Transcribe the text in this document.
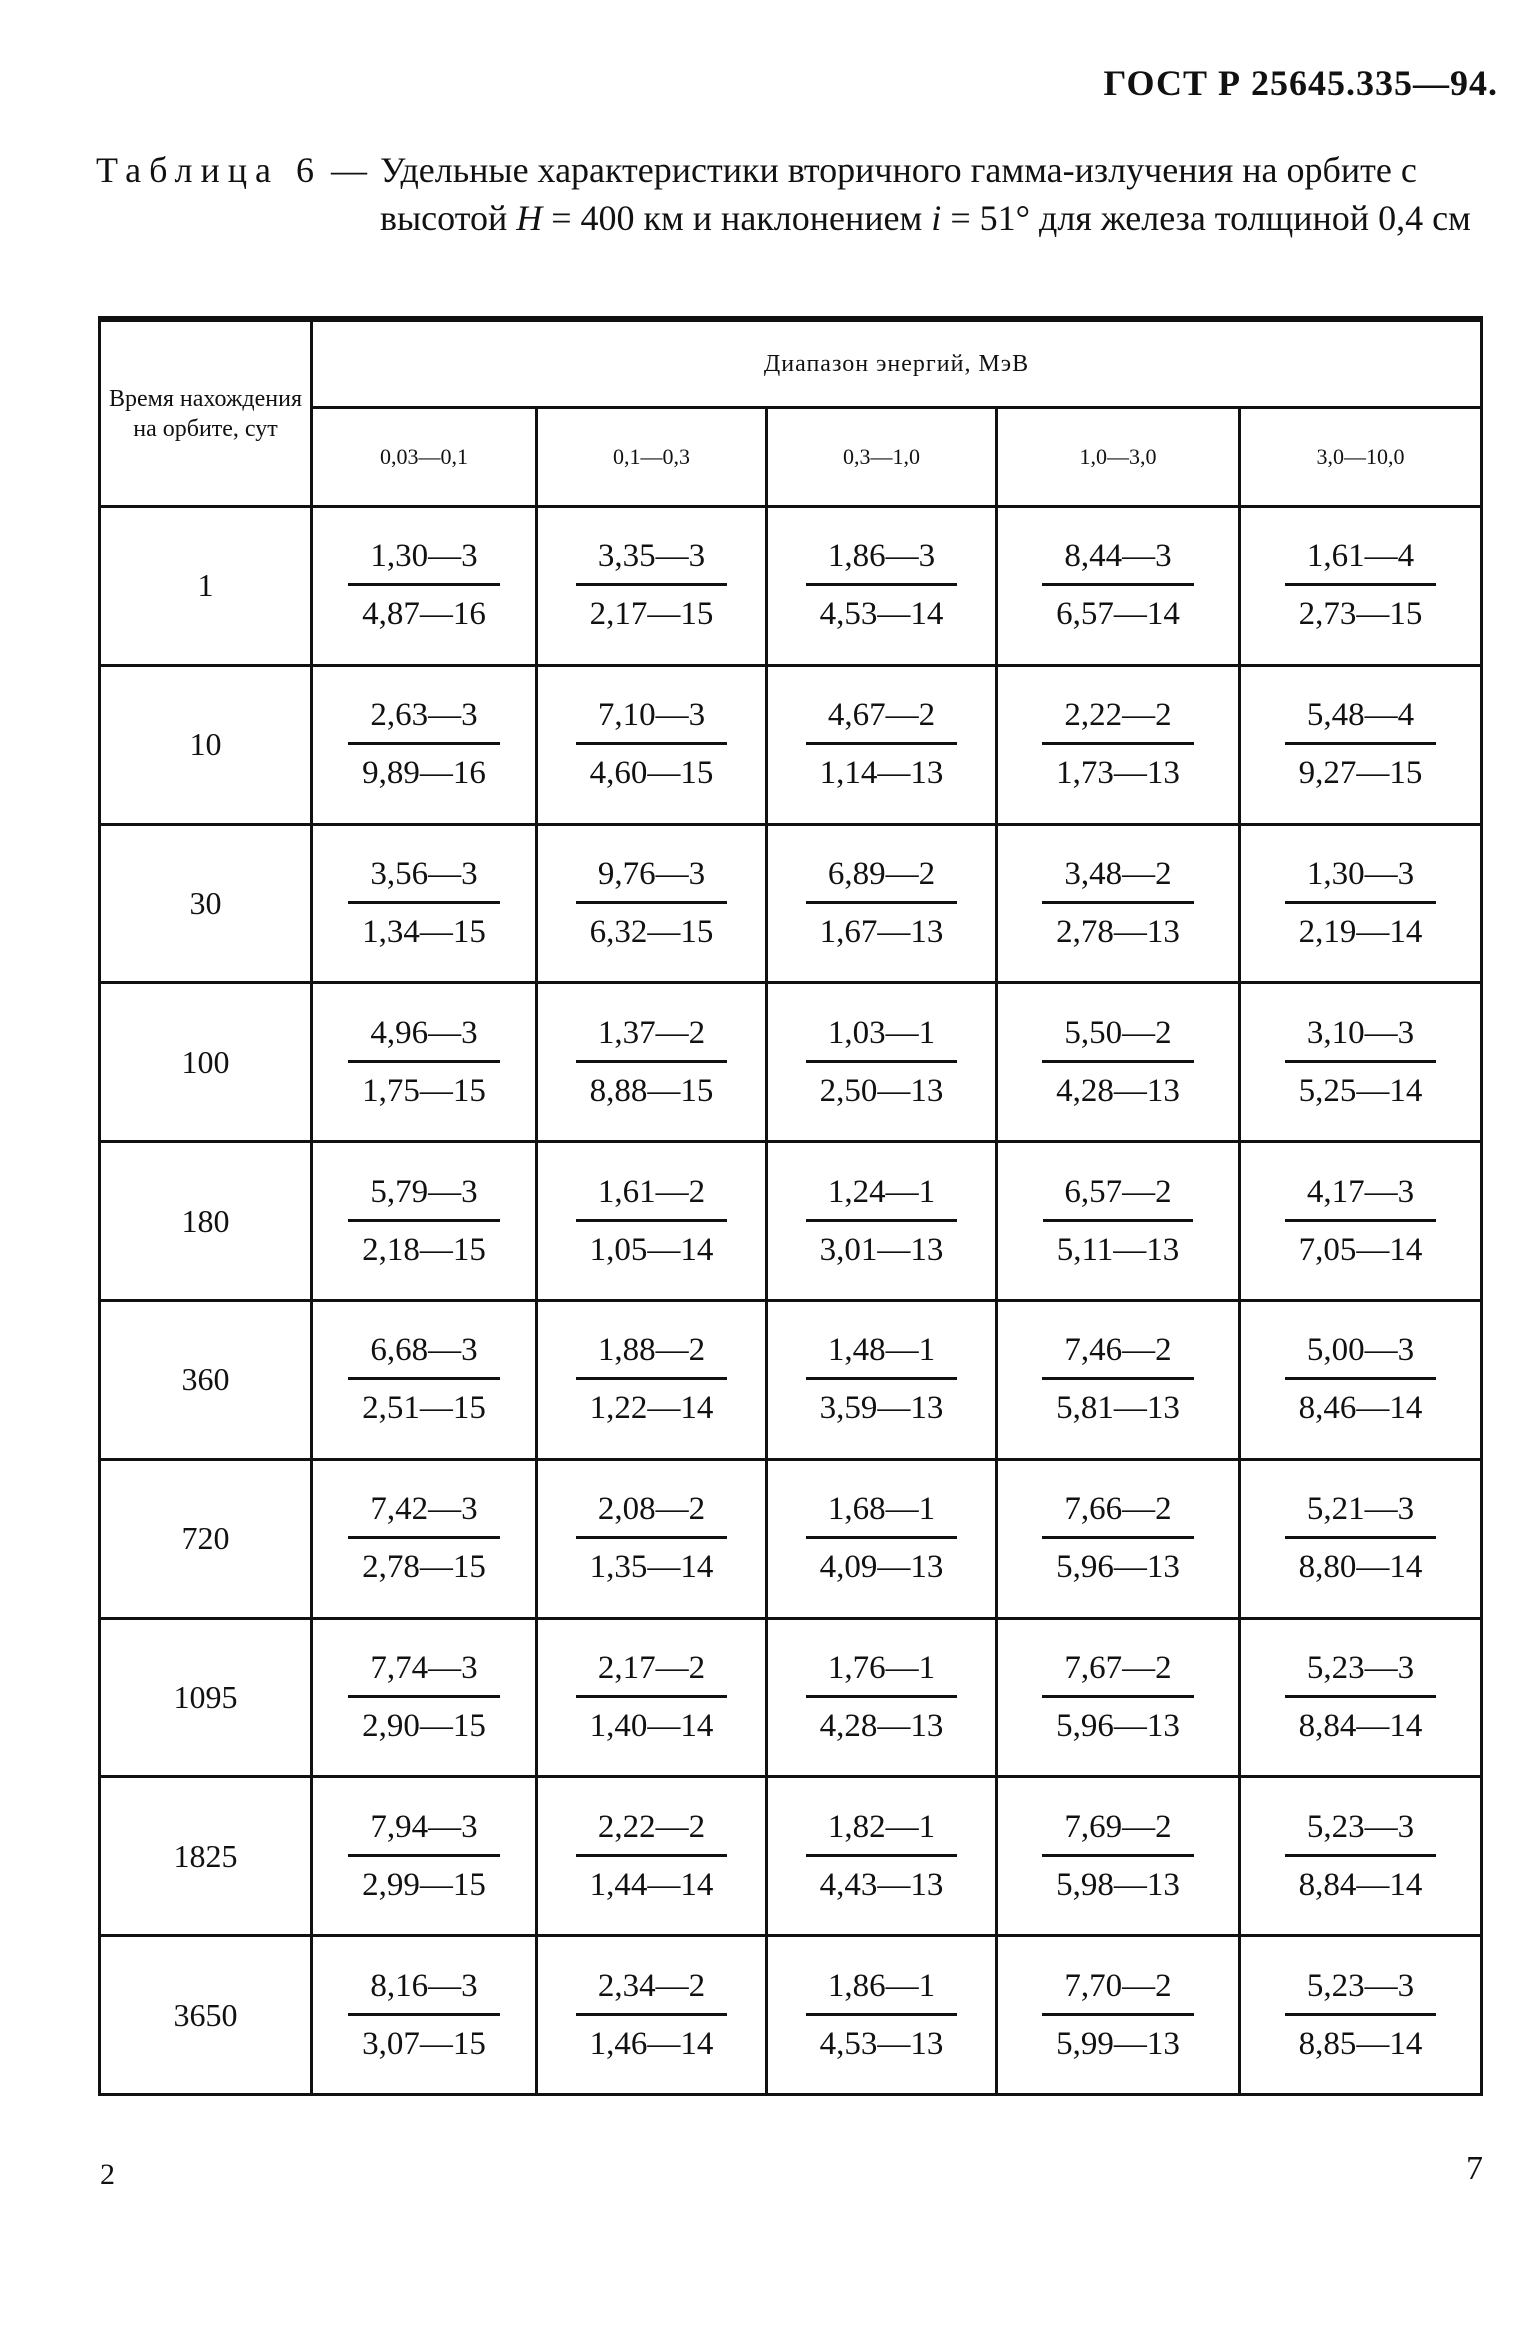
ГОСТ Р 25645.335—94.
Таблица 6 — Удельные характеристики вторичного гамма-излучения на орбите с высотой H = 400 км и наклонением i = 51° для железа толщиной 0,4 см
Время нахождения на орбите, сут	Диапазон энергий, МэВ				
	0,03—0,1	0,1—0,3	0,3—1,0	1,0—3,0	3,0—10,0
1	$\frac{1,30—3}{4,87—16}$	$\frac{3,35—3}{2,17—15}$	$\frac{1,86—3}{4,53—14}$	$\frac{8,44—3}{6,57—14}$	$\frac{1,61—4}{2,73—15}$

10	$\frac{2,63—3}{9,89—16}$	$\frac{7,10—3}{4,60—15}$	$\frac{4,67—2}{1,14—13}$	$\frac{2,22—2}{1,73—13}$	$\frac{5,48—4}{9,27—15}$

30	$\frac{3,56—3}{1,34—15}$	$\frac{9,76—3}{6,32—15}$	$\frac{6,89—2}{1,67—13}$	$\frac{3,48—2}{2,78—13}$	$\frac{1,30—3}{2,19—14}$

100	$\frac{4,96—3}{1,75—15}$	$\frac{1,37—2}{8,88—15}$	$\frac{1,03—1}{2,50—13}$	$\frac{5,50—2}{4,28—13}$	$\frac{3,10—3}{5,25—14}$

180	$\frac{5,79—3}{2,18—15}$	$\frac{1,61—2}{1,05—14}$	$\frac{1,24—1}{3,01—13}$	$\frac{6,57—2}{5,11—13}$	$\frac{4,17—3}{7,05—14}$

360	$\frac{6,68—3}{2,51—15}$	$\frac{1,88—2}{1,22—14}$	$\frac{1,48—1}{3,59—13}$	$\frac{7,46—2}{5,81—13}$	$\frac{5,00—3}{8,46—14}$

720	$\frac{7,42—3}{2,78—15}$	$\frac{2,08—2}{1,35—14}$	$\frac{1,68—1}{4,09—13}$	$\frac{7,66—2}{5,96—13}$	$\frac{5,21—3}{8,80—14}$

1095	$\frac{7,74—3}{2,90—15}$	$\frac{2,17—2}{1,40—14}$	$\frac{1,76—1}{4,28—13}$	$\frac{7,67—2}{5,96—13}$	$\frac{5,23—3}{8,84—14}$

1825	$\frac{7,94—3}{2,99—15}$	$\frac{2,22—2}{1,44—14}$	$\frac{1,82—1}{4,43—13}$	$\frac{7,69—2}{5,98—13}$	$\frac{5,23—3}{8,84—14}$

3650	$\frac{8,16—3}{3,07—15}$	$\frac{2,34—2}{1,46—14}$	$\frac{1,86—1}{4,53—13}$	$\frac{7,70—2}{5,99—13}$	$\frac{5,23—3}{8,85—14}$
2	7
